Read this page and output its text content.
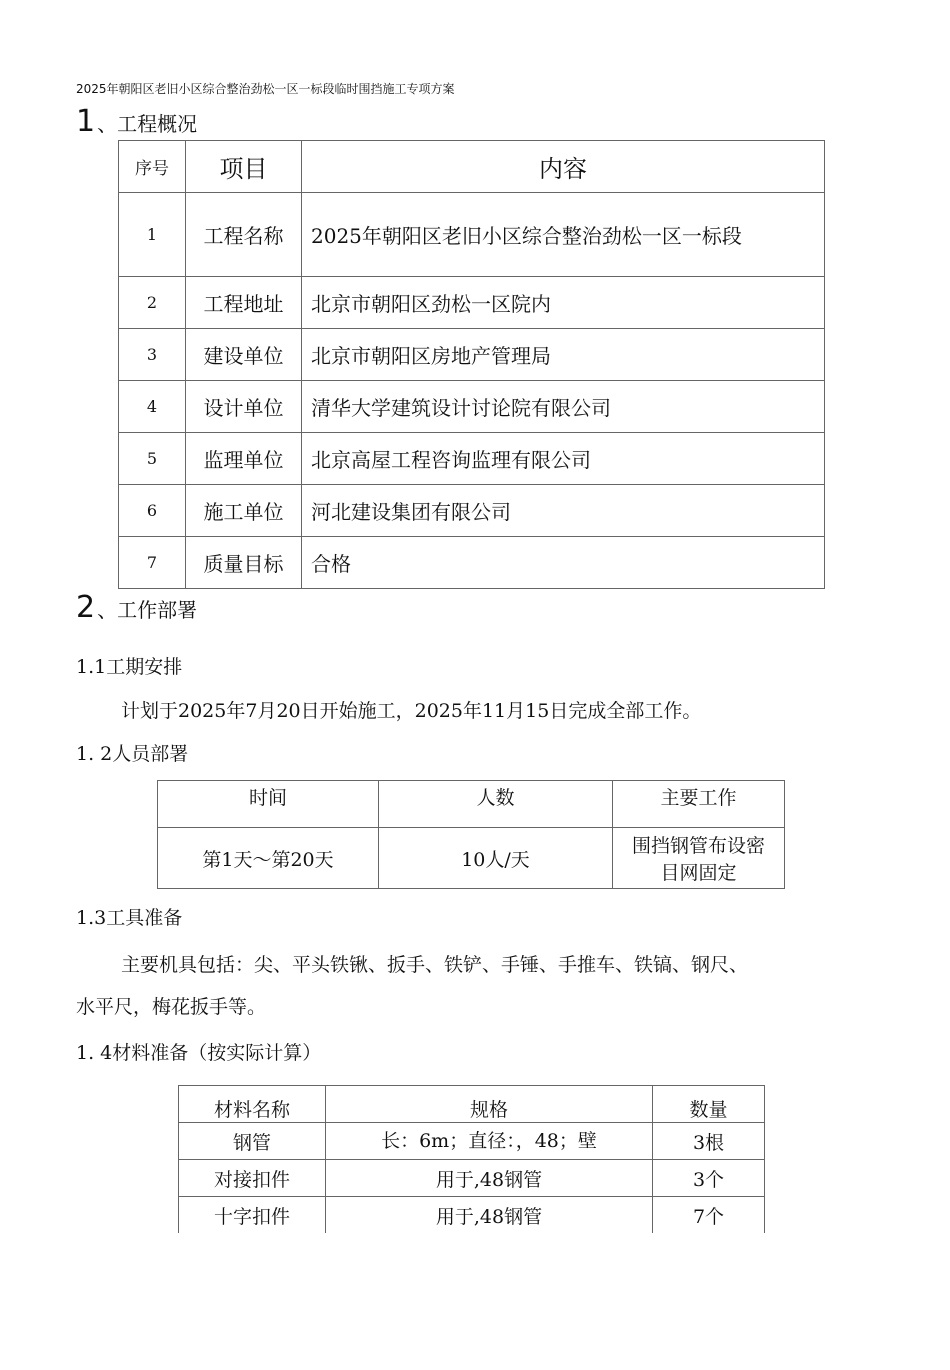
2025年朝阳区老旧小区综合整治劲松一区一标段临时围挡施工专项方案
1 、工程概况
序号	项目	内容
1	工程名称	2025年朝阳区老旧小区综合整治劲松一区一标段
2	工程地址	北京市朝阳区劲松一区院内
3	建设单位	北京市朝阳区房地产管理局
4	设计单位	清华大学建筑设计讨论院有限公司
5	监理单位	北京高屋工程咨询监理有限公司
6	施工单位	河北建设集团有限公司
7	质量目标	合格
2 、工作部署
1.1工期安排
计划于2025年7月20日开始施工，2025年11月15日完成全部工作。
1. 2人员部署
时间	人数	主要工作
第1天〜第20天	10人/天	围挡钢管布设密
目网固定
1.3工具准备
主要机具包括：尖、平头铁锹、扳手、铁铲、手锤、手推车、铁镐、钢尺、
水平尺，梅花扳手等。
1. 4材料准备（按实际计算）
材料名称	规格	数量
钢管	长：6m；直径：，48；壁	3根
对接扣件	用于,48钢管	3个
十字扣件	用于,48钢管	7个
